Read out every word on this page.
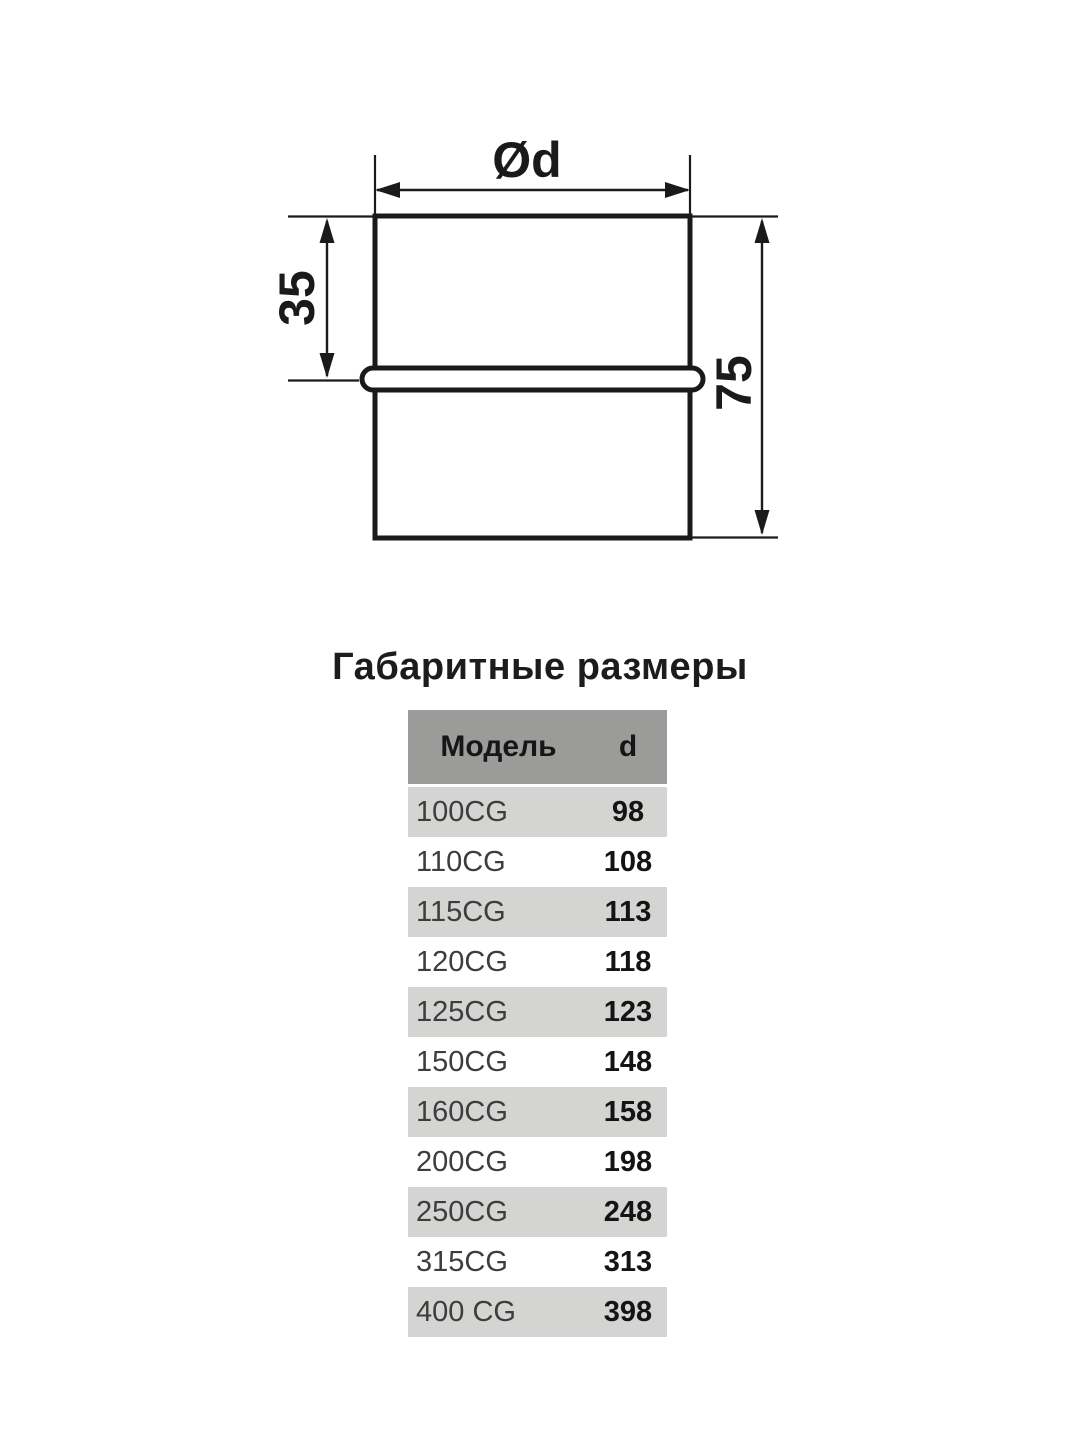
Ød
35
75
Габаритные размеры
Модель	d
100CG	98
110CG	108
115CG	113
120CG	118
125CG	123
150CG	148
160CG	158
200CG	198
250CG	248
315CG	313
400 CG	398
